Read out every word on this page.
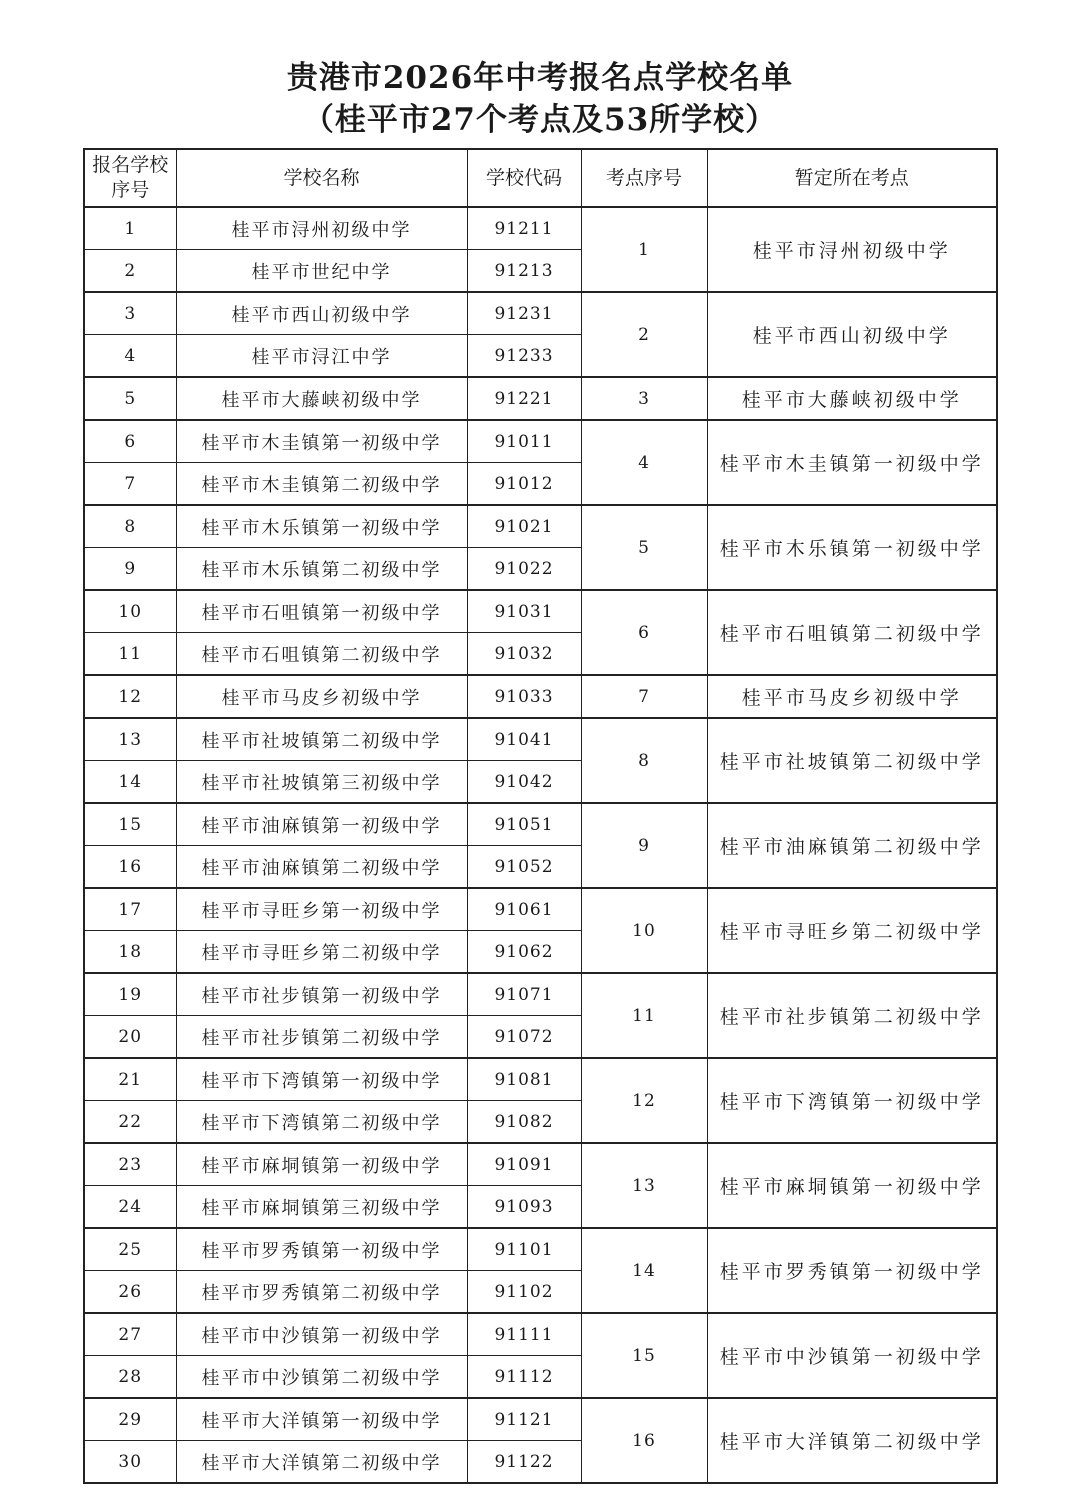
贵港市2026年中考报名点学校名单
（桂平市27个考点及53所学校）
报名学校序号	学校名称	学校代码	考点序号	暂定所在考点
1	桂平市浔州初级中学	91211	1	桂平市浔州初级中学
2	桂平市世纪中学	91213		
3	桂平市西山初级中学	91231	2	桂平市西山初级中学
4	桂平市浔江中学	91233		
5	桂平市大藤峡初级中学	91221	3	桂平市大藤峡初级中学
6	桂平市木圭镇第一初级中学	91011	4	桂平市木圭镇第一初级中学
7	桂平市木圭镇第二初级中学	91012		
8	桂平市木乐镇第一初级中学	91021	5	桂平市木乐镇第一初级中学
9	桂平市木乐镇第二初级中学	91022		
10	桂平市石咀镇第一初级中学	91031	6	桂平市石咀镇第二初级中学
11	桂平市石咀镇第二初级中学	91032		
12	桂平市马皮乡初级中学	91033	7	桂平市马皮乡初级中学
13	桂平市社坡镇第二初级中学	91041	8	桂平市社坡镇第二初级中学
14	桂平市社坡镇第三初级中学	91042		
15	桂平市油麻镇第一初级中学	91051	9	桂平市油麻镇第二初级中学
16	桂平市油麻镇第二初级中学	91052		
17	桂平市寻旺乡第一初级中学	91061	10	桂平市寻旺乡第二初级中学
18	桂平市寻旺乡第二初级中学	91062		
19	桂平市社步镇第一初级中学	91071	11	桂平市社步镇第二初级中学
20	桂平市社步镇第二初级中学	91072		
21	桂平市下湾镇第一初级中学	91081	12	桂平市下湾镇第一初级中学
22	桂平市下湾镇第二初级中学	91082		
23	桂平市麻垌镇第一初级中学	91091	13	桂平市麻垌镇第一初级中学
24	桂平市麻垌镇第三初级中学	91093		
25	桂平市罗秀镇第一初级中学	91101	14	桂平市罗秀镇第一初级中学
26	桂平市罗秀镇第二初级中学	91102		
27	桂平市中沙镇第一初级中学	91111	15	桂平市中沙镇第一初级中学
28	桂平市中沙镇第二初级中学	91112		
29	桂平市大洋镇第一初级中学	91121	16	桂平市大洋镇第二初级中学
30	桂平市大洋镇第二初级中学	91122		
